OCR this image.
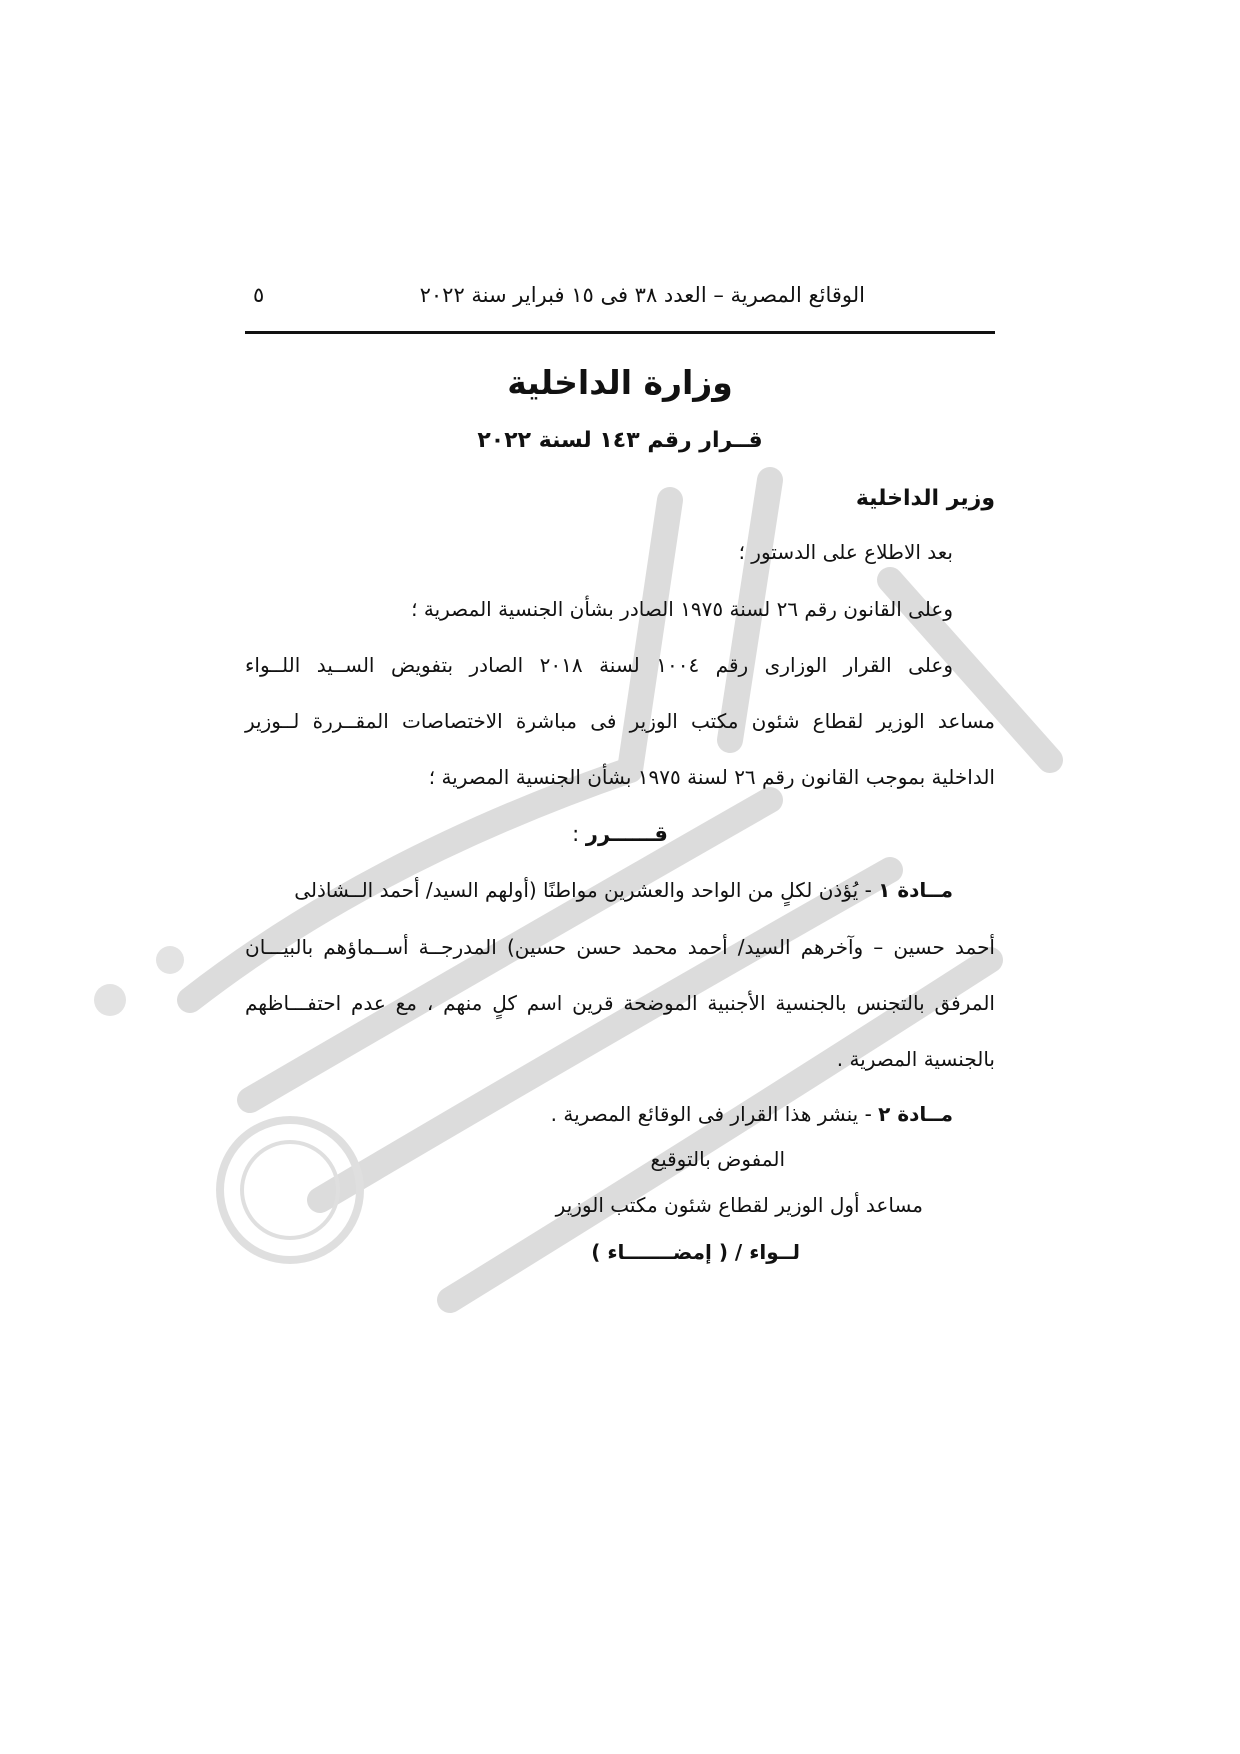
الوقائع المصرية – العدد ٣٨ فى ١٥ فبراير سنة ٢٠٢٢
٥
وزارة الداخلية
قــرار رقم ١٤٣ لسنة ٢٠٢٢
وزير الداخلية
بعد الاطلاع على الدستور ؛
وعلى القانون رقم ٢٦ لسنة ١٩٧٥ الصادر بشأن الجنسية المصرية ؛
وعلى القرار الوزارى رقم ١٠٠٤ لسنة ٢٠١٨ الصادر بتفويض الســيد اللــواء
مساعد الوزير لقطاع شئون مكتب الوزير فى مباشرة الاختصاصات المقــررة لــوزير
الداخلية بموجب القانون رقم ٢٦ لسنة ١٩٧٥ بشأن الجنسية المصرية ؛
قــــــرر :
مــادة ١ - يُؤذن لكلٍ من الواحد والعشرين مواطنًا (أولهم السيد/ أحمد الــشاذلى
أحمد حسين – وآخرهم السيد/ أحمد محمد حسن حسين) المدرجــة أســماؤهم بالبيـــان
المرفق بالتجنس بالجنسية الأجنبية الموضحة قرين اسم كلٍ منهم ، مع عدم احتفـــاظهم
بالجنسية المصرية .
مــادة ٢ - ينشر هذا القرار فى الوقائع المصرية .
المفوض بالتوقيع
مساعد أول الوزير لقطاع شئون مكتب الوزير
لــواء / ( إمضـــــــاء )
